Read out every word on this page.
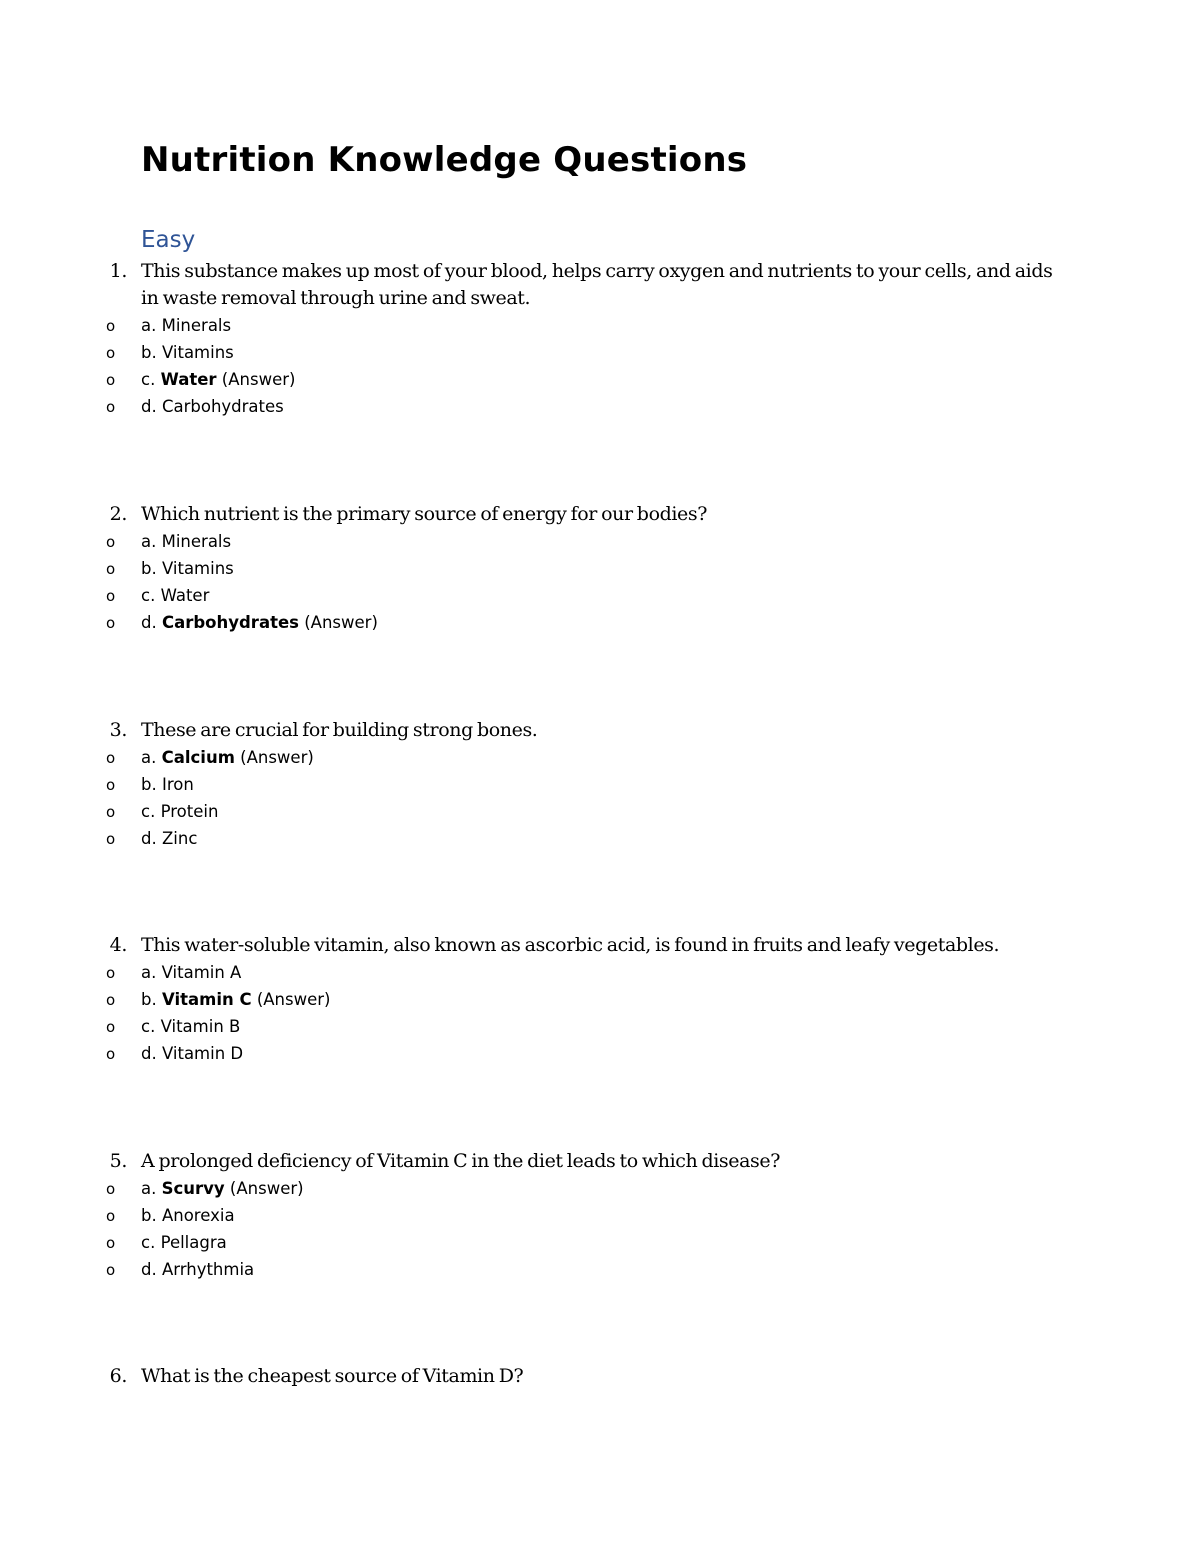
Nutrition Knowledge Questions
Easy
1. This substance makes up most of your blood, helps carry oxygen and nutrients to your cells, and aids in waste removal through urine and sweat.
o a. Minerals
o b. Vitamins
o c. Water (Answer)
o d. Carbohydrates
2. Which nutrient is the primary source of energy for our bodies?
o a. Minerals
o b. Vitamins
o c. Water
o d. Carbohydrates (Answer)
3. These are crucial for building strong bones.
o a. Calcium (Answer)
o b. Iron
o c. Protein
o d. Zinc
4. This water-soluble vitamin, also known as ascorbic acid, is found in fruits and leafy vegetables.
o a. Vitamin A
o b. Vitamin C (Answer)
o c. Vitamin B
o d. Vitamin D
5. A prolonged deficiency of Vitamin C in the diet leads to which disease?
o a. Scurvy (Answer)
o b. Anorexia
o c. Pellagra
o d. Arrhythmia
6. What is the cheapest source of Vitamin D?
